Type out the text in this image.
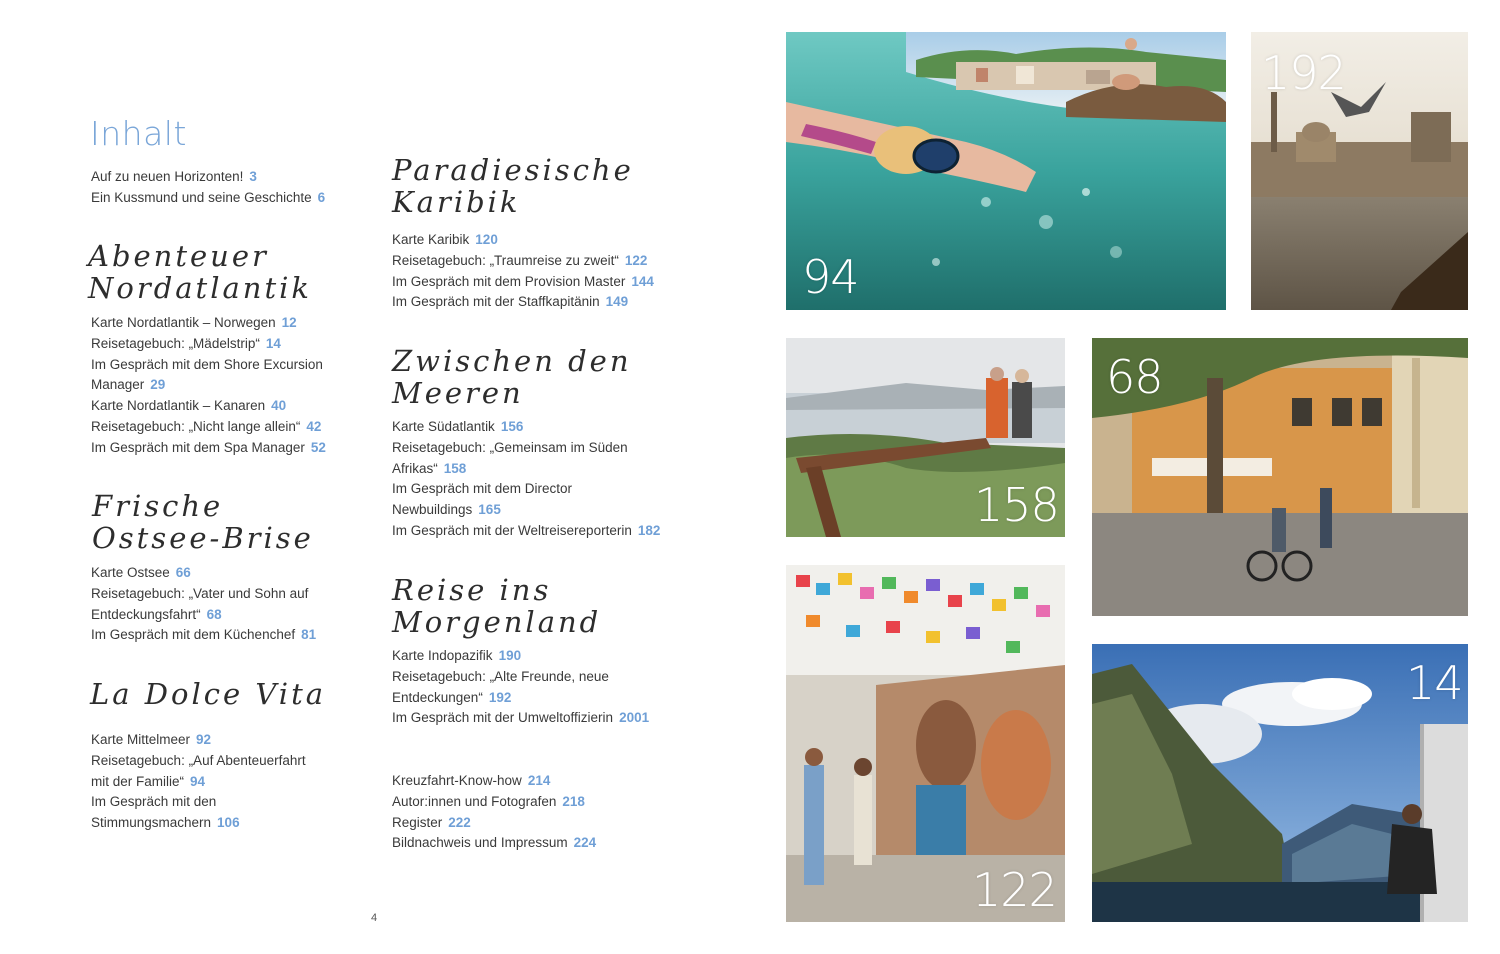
Inhalt
Auf zu neuen Horizonten! 3
Ein Kussmund und seine Geschichte 6
Abenteuer
Nordatlantik
Karte Nordatlantik – Norwegen 12
Reisetagebuch: „Mädelstrip“ 14
Im Gespräch mit dem Shore Excursion
Manager 29
Karte Nordatlantik – Kanaren 40
Reisetagebuch: „Nicht lange allein“ 42
Im Gespräch mit dem Spa Manager 52
Frische
Ostsee-Brise
Karte Ostsee 66
Reisetagebuch: „Vater und Sohn auf
Entdeckungsfahrt“ 68
Im Gespräch mit dem Küchenchef 81
La Dolce Vita
Karte Mittelmeer 92
Reisetagebuch: „Auf Abenteuerfahrt
mit der Familie“ 94
Im Gespräch mit den
Stimmungsmachern 106
Paradiesische
Karibik
Karte Karibik 120
Reisetagebuch: „Traumreise zu zweit“ 122
Im Gespräch mit dem Provision Master 144
Im Gespräch mit der Staffkapitänin 149
Zwischen den
Meeren
Karte Südatlantik 156
Reisetagebuch: „Gemeinsam im Süden
Afrikas“ 158
Im Gespräch mit dem Director
Newbuildings 165
Im Gespräch mit der Weltreisereporterin 182
Reise ins
Morgenland
Karte Indopazifik 190
Reisetagebuch: „Alte Freunde, neue
Entdeckungen“ 192
Im Gespräch mit der Umweltoffizierin 2001
Kreuzfahrt-Know-how 214
Autor:innen und Fotografen 218
Register 222
Bildnachweis und Impressum 224
4
94
192
158
68
122
14
